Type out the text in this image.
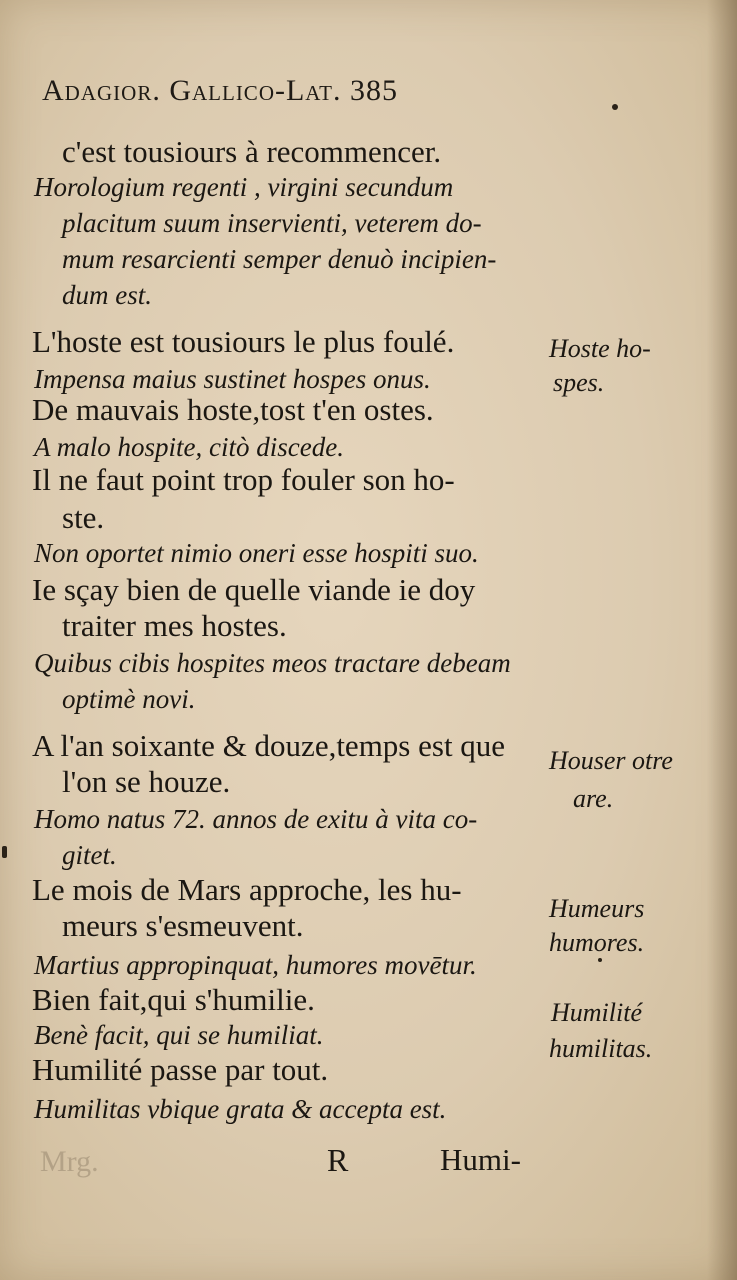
Adagior. Gallico-Lat. 385
c'est tousiours à recommencer.
Horologium regenti , virgini secundum
placitum suum inservienti, veterem do-
mum resarcienti semper denuò incipien-
dum est.
L'hoste est tousiours le plus foulé.
Impensa maius sustinet hospes onus.
De mauvais hoste,tost t'en ostes.
A malo hospite, citò discede.
Il ne faut point trop fouler son ho-
ste.
Non oportet nimio oneri esse hospiti suo.
Ie sçay bien de quelle viande ie doy
traiter mes hostes.
Quibus cibis hospites meos tractare debeam
optimè novi.
A l'an soixante & douze,temps est que
l'on se houze.
Homo natus 72. annos de exitu à vita co-
gitet.
Le mois de Mars approche, les hu-
meurs s'esmeuvent.
Martius appropinquat, humores movētur.
Bien fait,qui s'humilie.
Benè facit, qui se humiliat.
Humilité passe par tout.
Humilitas vbique grata & accepta est.
Hoste ho-
spes.
Houser otre
are.
Humeurs
humores.
Humilité
humilitas.
Mrg.	R	Humi-
